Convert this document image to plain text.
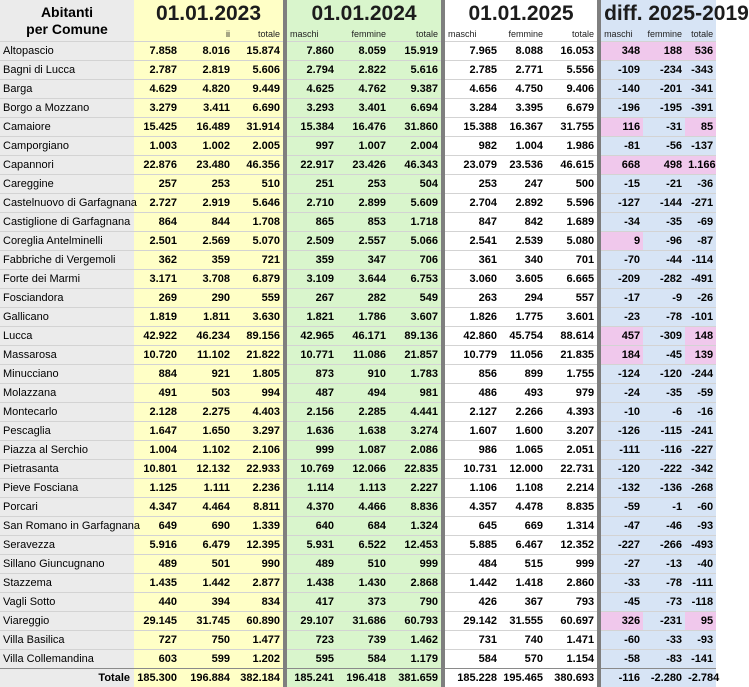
Abitanti
per Comune	01.01.2023			01.01.2024			01.01.2025			diff. 2025-2019		
		ii	totale	maschi	femmine	totale	maschi	femmine	totale	maschi	femmine	totale
Altopascio	7.858	8.016	15.874	7.860	8.059	15.919	7.965	8.088	16.053	348	188	536
Bagni di Lucca	2.787	2.819	5.606	2.794	2.822	5.616	2.785	2.771	5.556	-109	-234	-343
Barga	4.629	4.820	9.449	4.625	4.762	9.387	4.656	4.750	9.406	-140	-201	-341
Borgo a Mozzano	3.279	3.411	6.690	3.293	3.401	6.694	3.284	3.395	6.679	-196	-195	-391
Camaiore	15.425	16.489	31.914	15.384	16.476	31.860	15.388	16.367	31.755	116	-31	85
Camporgiano	1.003	1.002	2.005	997	1.007	2.004	982	1.004	1.986	-81	-56	-137
Capannori	22.876	23.480	46.356	22.917	23.426	46.343	23.079	23.536	46.615	668	498	1.166
Careggine	257	253	510	251	253	504	253	247	500	-15	-21	-36
Castelnuovo di Garfagnana	2.727	2.919	5.646	2.710	2.899	5.609	2.704	2.892	5.596	-127	-144	-271
Castiglione di Garfagnana	864	844	1.708	865	853	1.718	847	842	1.689	-34	-35	-69
Coreglia Antelminelli	2.501	2.569	5.070	2.509	2.557	5.066	2.541	2.539	5.080	9	-96	-87
Fabbriche di Vergemoli	362	359	721	359	347	706	361	340	701	-70	-44	-114
Forte dei Marmi	3.171	3.708	6.879	3.109	3.644	6.753	3.060	3.605	6.665	-209	-282	-491
Fosciandora	269	290	559	267	282	549	263	294	557	-17	-9	-26
Gallicano	1.819	1.811	3.630	1.821	1.786	3.607	1.826	1.775	3.601	-23	-78	-101
Lucca	42.922	46.234	89.156	42.965	46.171	89.136	42.860	45.754	88.614	457	-309	148
Massarosa	10.720	11.102	21.822	10.771	11.086	21.857	10.779	11.056	21.835	184	-45	139
Minucciano	884	921	1.805	873	910	1.783	856	899	1.755	-124	-120	-244
Molazzana	491	503	994	487	494	981	486	493	979	-24	-35	-59
Montecarlo	2.128	2.275	4.403	2.156	2.285	4.441	2.127	2.266	4.393	-10	-6	-16
Pescaglia	1.647	1.650	3.297	1.636	1.638	3.274	1.607	1.600	3.207	-126	-115	-241
Piazza al Serchio	1.004	1.102	2.106	999	1.087	2.086	986	1.065	2.051	-111	-116	-227
Pietrasanta	10.801	12.132	22.933	10.769	12.066	22.835	10.731	12.000	22.731	-120	-222	-342
Pieve Fosciana	1.125	1.111	2.236	1.114	1.113	2.227	1.106	1.108	2.214	-132	-136	-268
Porcari	4.347	4.464	8.811	4.370	4.466	8.836	4.357	4.478	8.835	-59	-1	-60
San Romano in Garfagnana	649	690	1.339	640	684	1.324	645	669	1.314	-47	-46	-93
Seravezza	5.916	6.479	12.395	5.931	6.522	12.453	5.885	6.467	12.352	-227	-266	-493
Sillano Giuncugnano	489	501	990	489	510	999	484	515	999	-27	-13	-40
Stazzema	1.435	1.442	2.877	1.438	1.430	2.868	1.442	1.418	2.860	-33	-78	-111
Vagli Sotto	440	394	834	417	373	790	426	367	793	-45	-73	-118
Viareggio	29.145	31.745	60.890	29.107	31.686	60.793	29.142	31.555	60.697	326	-231	95
Villa Basilica	727	750	1.477	723	739	1.462	731	740	1.471	-60	-33	-93
Villa Collemandina	603	599	1.202	595	584	1.179	584	570	1.154	-58	-83	-141
Totale	185.300	196.884	382.184	185.241	196.418	381.659	185.228	195.465	380.693	-116	-2.280	-2.784
